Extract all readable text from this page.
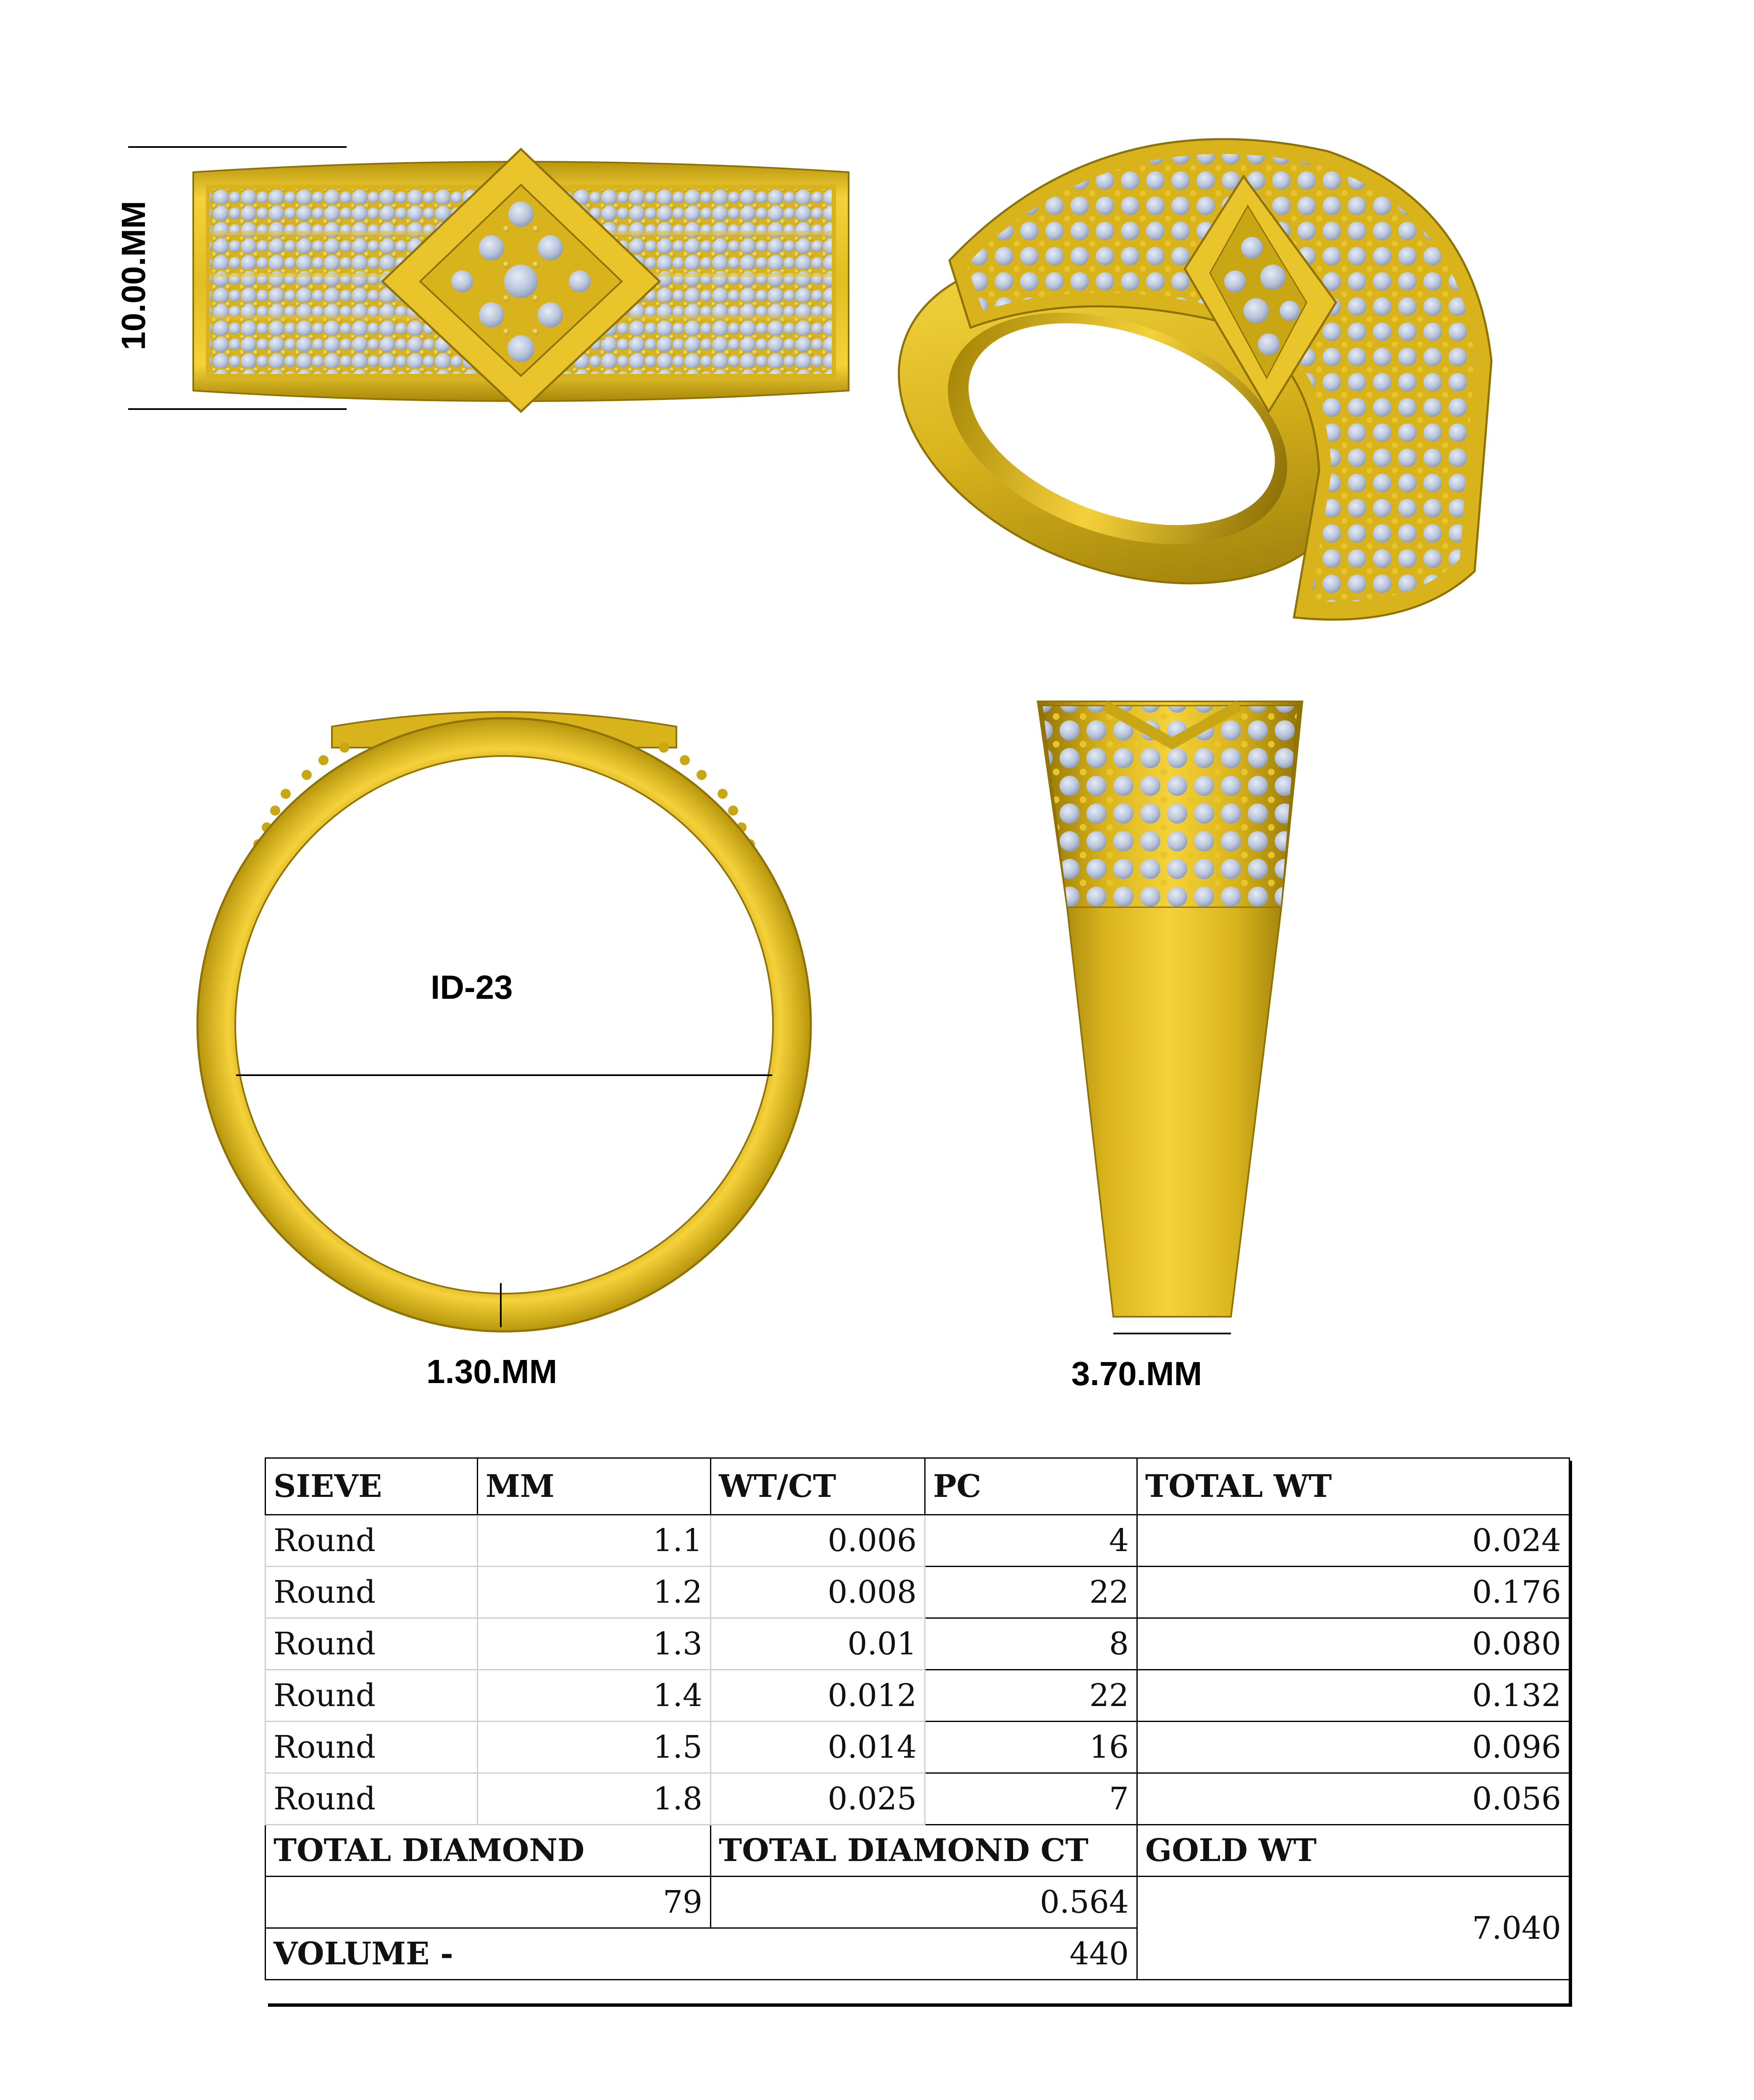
10.00.MM
ID-23
1.30.MM	3.70.MM
SIEVE	MM	WT/CT	PC	TOTAL WT
Round	1.1	0.006	4	0.024
Round	1.2	0.008	22	0.176
Round	1.3	0.01	8	0.080
Round	1.4	0.012	22	0.132
Round	1.5	0.014	16	0.096
Round	1.8	0.025	7	0.056
TOTAL DIAMOND		TOTAL DIAMOND CT		GOLD WT
79		0.564		7.040
VOLUME -		440		
